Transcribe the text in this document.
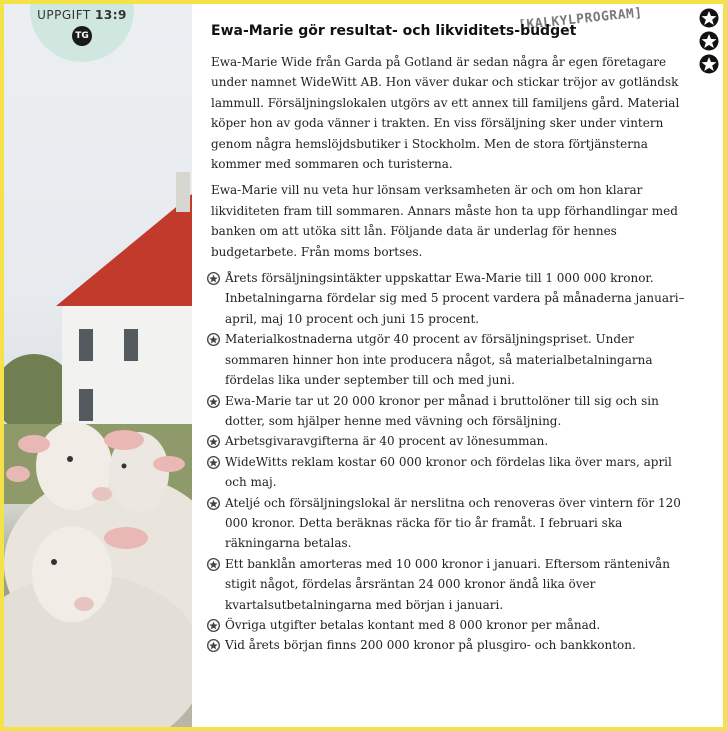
UPPGIFT 13:9
TG
[KALKYLPROGRAM]
Ewa-Marie gör resultat- och likviditets-budget

Ewa-Marie Wide från Garda på Gotland är sedan några år egen företagare under namnet WideWitt AB. Hon väver dukar och stickar tröjor av gotländsk lammull. Försäljningslokalen utgörs av ett annex till familjens gård. Material köper hon av goda vänner i trakten. En viss försäljning sker under vintern genom några hemslöjdsbutiker i Stockholm. Men de stora förtjänsterna kommer med sommaren och turisterna.

Ewa-Marie vill nu veta hur lönsam verksamheten är och om hon klarar likviditeten fram till sommaren. Annars måste hon ta upp förhandlingar med banken om att utöka sitt lån. Följande data är underlag för hennes budgetarbete. Från moms bortses.

Årets försäljningsintäkter uppskattar Ewa-Marie till 1 000 000 kronor. Inbetalningarna fördelar sig med 5 procent vardera på månaderna januari–april, maj 10 procent och juni 15 procent.
Materialkostnaderna utgör 40 procent av försäljningspriset. Under sommaren hinner hon inte producera något, så materialbetalningarna fördelas lika under september till och med juni.
Ewa-Marie tar ut 20 000 kronor per månad i bruttolöner till sig och sin dotter, som hjälper henne med vävning och försäljning.
Arbetsgivaravgifterna är 40 procent av lönesumman.
WideWitts reklam kostar 60 000 kronor och fördelas lika över mars, april och maj.
Ateljé och försäljningslokal är nerslitna och renoveras över vintern för 120 000 kronor. Detta beräknas räcka för tio år framåt. I februari ska räkningarna betalas.
Ett banklån amorteras med 10 000 kronor i januari. Eftersom räntenivån stigit något, fördelas årsräntan 24 000 kronor ändå lika över kvartalsutbetalningarna med början i januari.
Övriga utgifter betalas kontant med 8 000 kronor per månad.
Vid årets början finns 200 000 kronor på plusgiro- och bankkonton.
